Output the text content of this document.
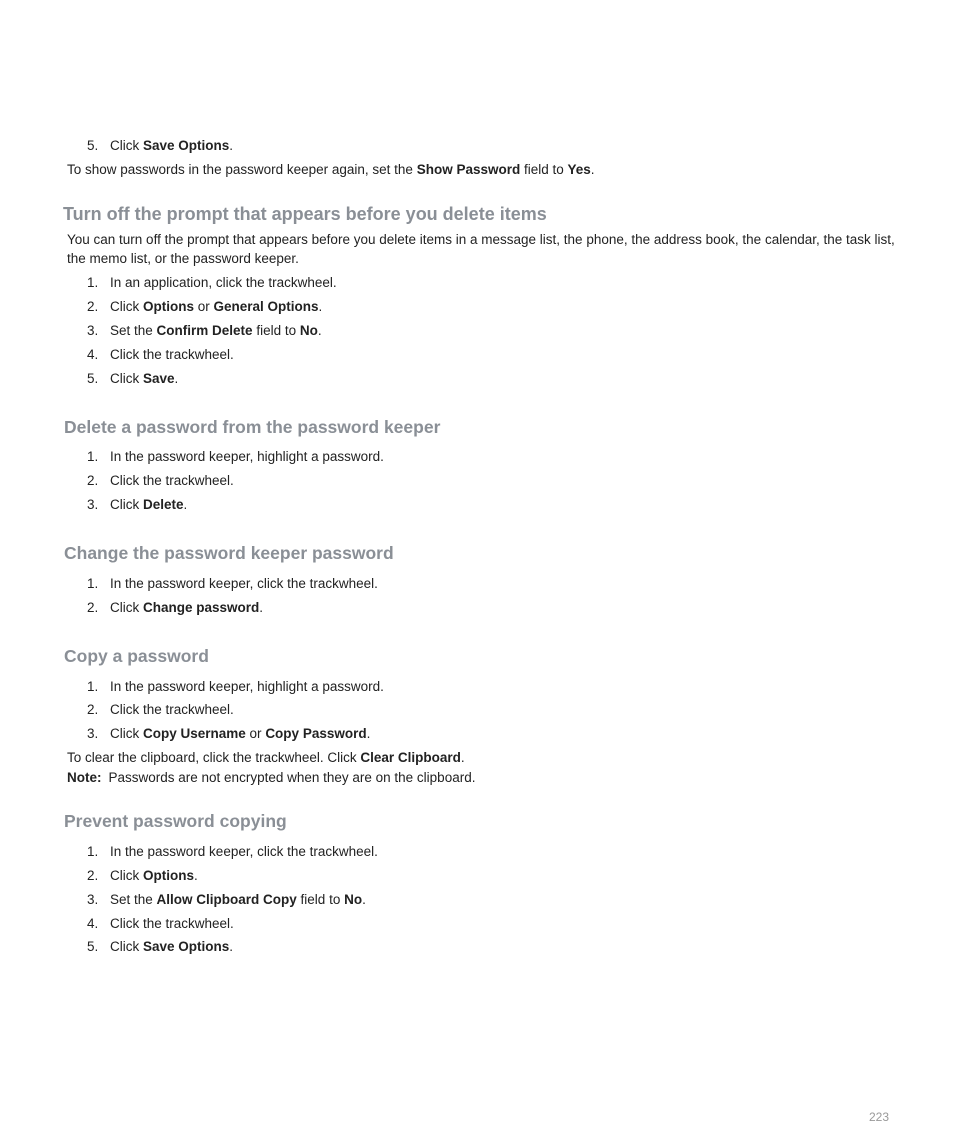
5. Click Save Options.
To show passwords in the password keeper again, set the Show Password field to Yes.
Turn off the prompt that appears before you delete items
You can turn off the prompt that appears before you delete items in a message list, the phone, the address book, the calendar, the task list, the memo list, or the password keeper.
1. In an application, click the trackwheel.
2. Click Options or General Options.
3. Set the Confirm Delete field to No.
4. Click the trackwheel.
5. Click Save.
Delete a password from the password keeper
1. In the password keeper, highlight a password.
2. Click the trackwheel.
3. Click Delete.
Change the password keeper password
1. In the password keeper, click the trackwheel.
2. Click Change password.
Copy a password
1. In the password keeper, highlight a password.
2. Click the trackwheel.
3. Click Copy Username or Copy Password.
To clear the clipboard, click the trackwheel. Click Clear Clipboard.
Note: Passwords are not encrypted when they are on the clipboard.
Prevent password copying
1. In the password keeper, click the trackwheel.
2. Click Options.
3. Set the Allow Clipboard Copy field to No.
4. Click the trackwheel.
5. Click Save Options.
223
